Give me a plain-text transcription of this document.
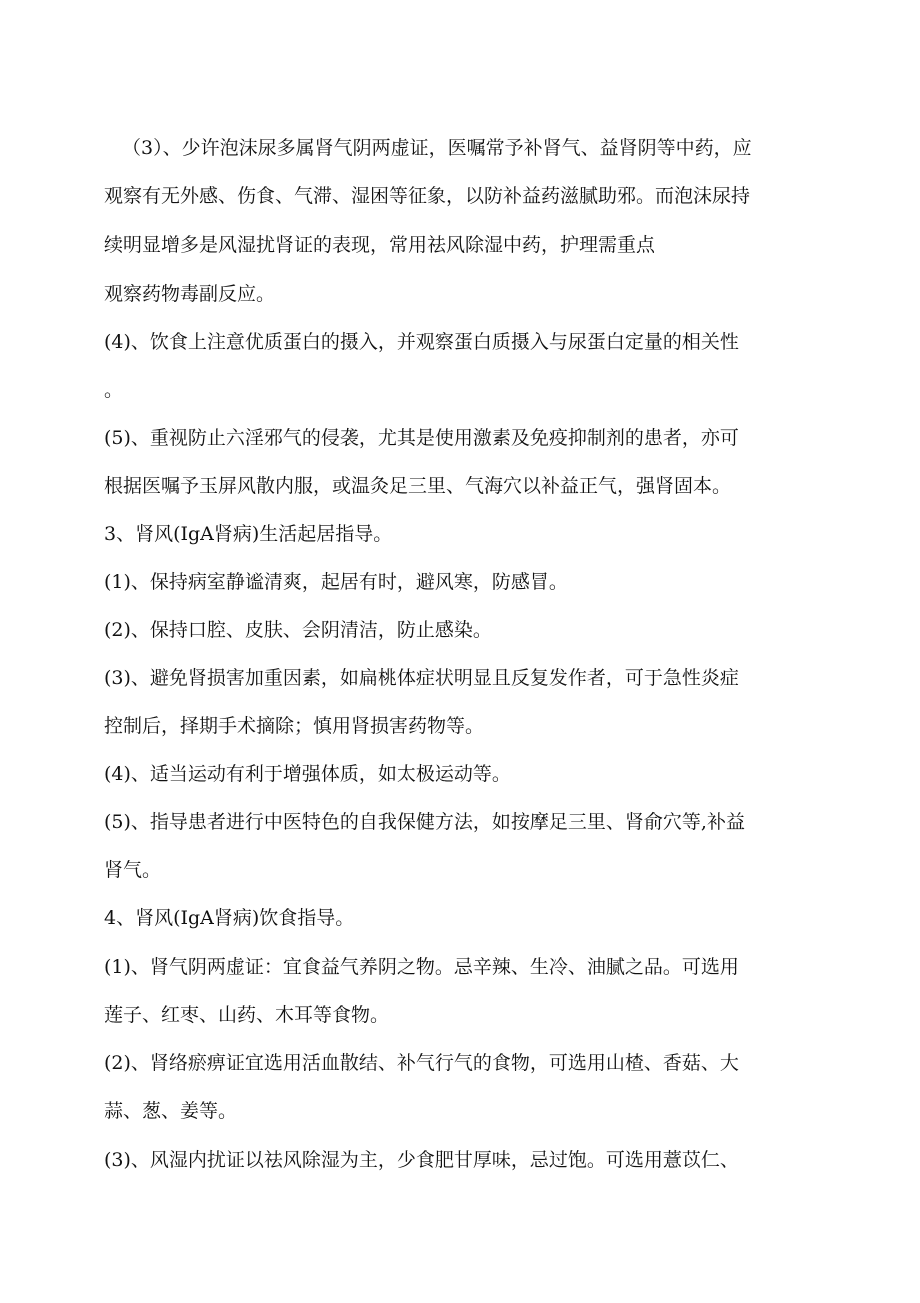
（3）、少许泡沫尿多属肾气阴两虚证，医嘱常予补肾气、益肾阴等中药，应
观察有无外感、伤食、气滞、湿困等征象，以防补益药滋腻助邪。而泡沫尿持
续明显增多是风湿扰肾证的表现，常用祛风除湿中药，护理需重点
观察药物毒副反应。
(4)、饮食上注意优质蛋白的摄入，并观察蛋白质摄入与尿蛋白定量的相关性
。
(5)、重视防止六淫邪气的侵袭，尤其是使用激素及免疫抑制剂的患者，亦可
根据医嘱予玉屏风散内服，或温灸足三里、气海穴以补益正气，强肾固本。
3、肾风(IgA肾病)生活起居指导。
(1)、保持病室静谧清爽，起居有时，避风寒，防感冒。
(2)、保持口腔、皮肤、会阴清洁，防止感染。
(3)、避免肾损害加重因素，如扁桃体症状明显且反复发作者，可于急性炎症
控制后，择期手术摘除；慎用肾损害药物等。
(4)、适当运动有利于增强体质，如太极运动等。
(5)、指导患者进行中医特色的自我保健方法，如按摩足三里、肾俞穴等,补益
肾气。
4、肾风(IgA肾病)饮食指导。
(1)、肾气阴两虚证：宜食益气养阴之物。忌辛辣、生冷、油腻之品。可选用
莲子、红枣、山药、木耳等食物。
(2)、肾络瘀痹证宜选用活血散结、补气行气的食物，可选用山楂、香菇、大
蒜、葱、姜等。
(3)、风湿内扰证以祛风除湿为主，少食肥甘厚味，忌过饱。可选用薏苡仁、
